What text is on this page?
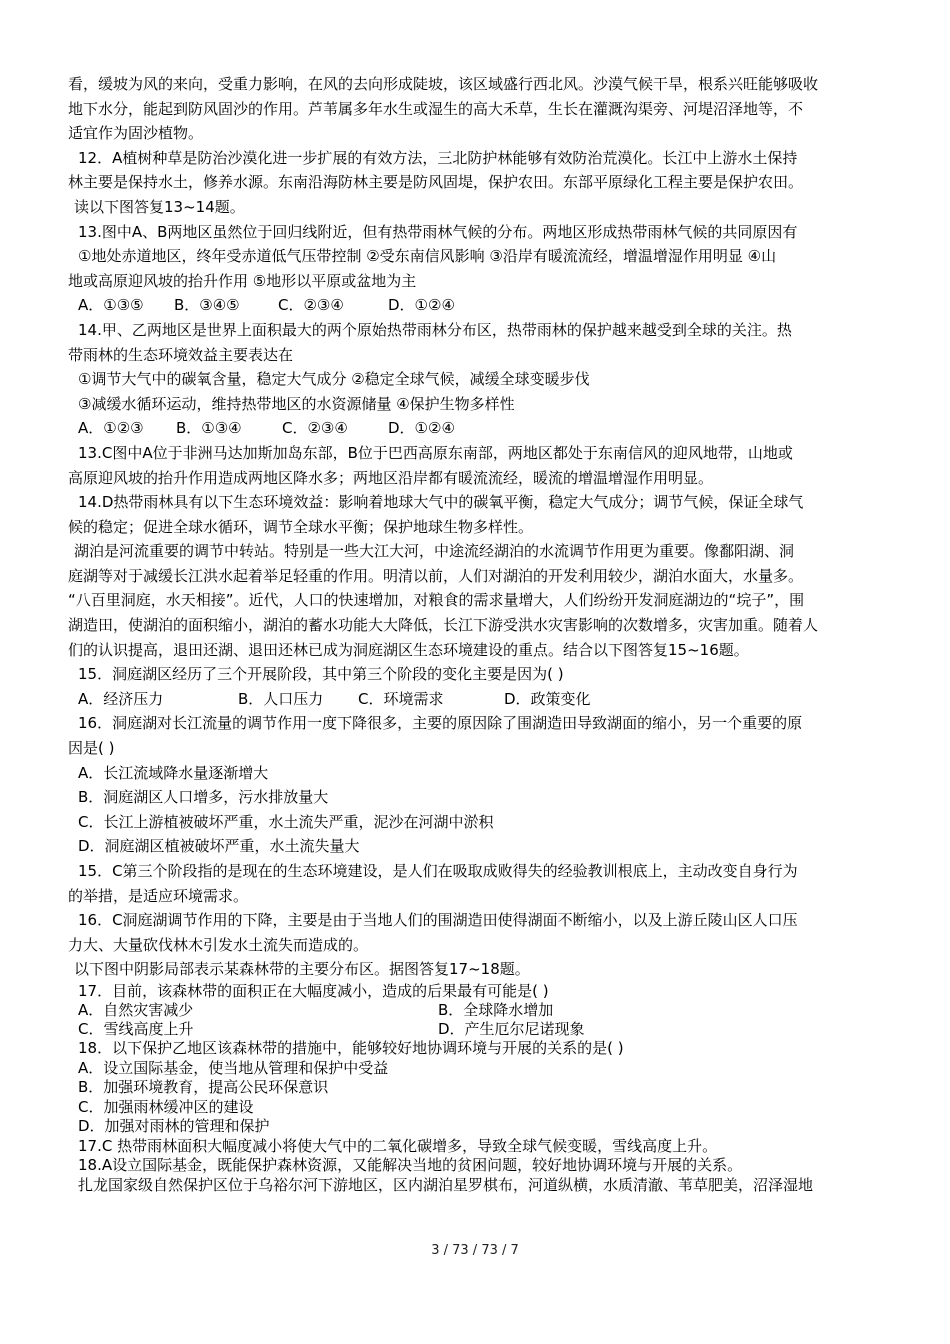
看，缓坡为风的来向，受重力影响，在风的去向形成陡坡，该区域盛行西北风。沙漠气候干旱，根系兴旺能够吸收
地下水分，能起到防风固沙的作用。芦苇属多年水生或湿生的高大禾草，生长在灌溉沟渠旁、河堤沼泽地等，不
适宜作为固沙植物。
12．A植树种草是防治沙漠化进一步扩展的有效方法，三北防护林能够有效防治荒漠化。长江中上游水土保持
林主要是保持水土，修养水源。东南沿海防林主要是防风固堤，保护农田。东部平原绿化工程主要是保护农田。
读以下图答复13~14题。
13.图中A、B两地区虽然位于回归线附近，但有热带雨林气候的分布。两地区形成热带雨林气候的共同原因有
①地处赤道地区，终年受赤道低气压带控制 ②受东南信风影响 ③沿岸有暖流流经，增温增湿作用明显 ④山
地或高原迎风坡的抬升作用 ⑤地形以平原或盆地为主
A．①③⑤	B．③④⑤	C．②③④	D．①②④
14.甲、乙两地区是世界上面积最大的两个原始热带雨林分布区，热带雨林的保护越来越受到全球的关注。热
带雨林的生态环境效益主要表达在
①调节大气中的碳氧含量，稳定大气成分 ②稳定全球气候，减缓全球变暖步伐
③减缓水循环运动，维持热带地区的水资源储量 ④保护生物多样性
A．①②③	B．①③④	C．②③④	D．①②④
13.C图中A位于非洲马达加斯加岛东部，B位于巴西高原东南部，两地区都处于东南信风的迎风地带，山地或
高原迎风坡的抬升作用造成两地区降水多；两地区沿岸都有暖流流经，暖流的增温增湿作用明显。
14.D热带雨林具有以下生态环境效益：影响着地球大气中的碳氧平衡，稳定大气成分；调节气候，保证全球气
候的稳定；促进全球水循环，调节全球水平衡；保护地球生物多样性。
湖泊是河流重要的调节中转站。特别是一些大江大河，中途流经湖泊的水流调节作用更为重要。像鄱阳湖、洞
庭湖等对于减缓长江洪水起着举足轻重的作用。明清以前，人们对湖泊的开发利用较少，湖泊水面大，水量多。
“八百里洞庭，水天相接”。近代，人口的快速增加，对粮食的需求量增大，人们纷纷开发洞庭湖边的“垸子”，围
湖造田，使湖泊的面积缩小，湖泊的蓄水功能大大降低，长江下游受洪水灾害影响的次数增多，灾害加重。随着人
们的认识提高，退田还湖、退田还林已成为洞庭湖区生态环境建设的重点。结合以下图答复15~16题。
15．洞庭湖区经历了三个开展阶段，其中第三个阶段的变化主要是因为( )
A．经济压力	B．人口压力	C．环境需求	D．政策变化
16．洞庭湖对长江流量的调节作用一度下降很多，主要的原因除了围湖造田导致湖面的缩小，另一个重要的原
因是( )
A．长江流域降水量逐渐增大
B．洞庭湖区人口增多，污水排放量大
C．长江上游植被破坏严重，水土流失严重，泥沙在河湖中淤积
D．洞庭湖区植被破坏严重，水土流失量大
15．C第三个阶段指的是现在的生态环境建设，是人们在吸取成败得失的经验教训根底上，主动改变自身行为
的举措，是适应环境需求。
16．C洞庭湖调节作用的下降，主要是由于当地人们的围湖造田使得湖面不断缩小，以及上游丘陵山区人口压
力大、大量砍伐林木引发水土流失而造成的。
以下图中阴影局部表示某森林带的主要分布区。据图答复17~18题。
17．目前，该森林带的面积正在大幅度减小，造成的后果最有可能是( )
A．自然灾害减少	B．全球降水增加
C．雪线高度上升	D．产生厄尔尼诺现象
18．以下保护乙地区该森林带的措施中，能够较好地协调环境与开展的关系的是( )
A．设立国际基金，使当地从管理和保护中受益
B．加强环境教育，提高公民环保意识
C．加强雨林缓冲区的建设
D．加强对雨林的管理和保护
17.C 热带雨林面积大幅度减小将使大气中的二氧化碳增多，导致全球气候变暖，雪线高度上升。
18.A设立国际基金，既能保护森林资源，又能解决当地的贫困问题，较好地协调环境与开展的关系。
扎龙国家级自然保护区位于乌裕尔河下游地区，区内湖泊星罗棋布，河道纵横，水质清澈、苇草肥美，沼泽湿地
3 / 73 / 73 / 7
